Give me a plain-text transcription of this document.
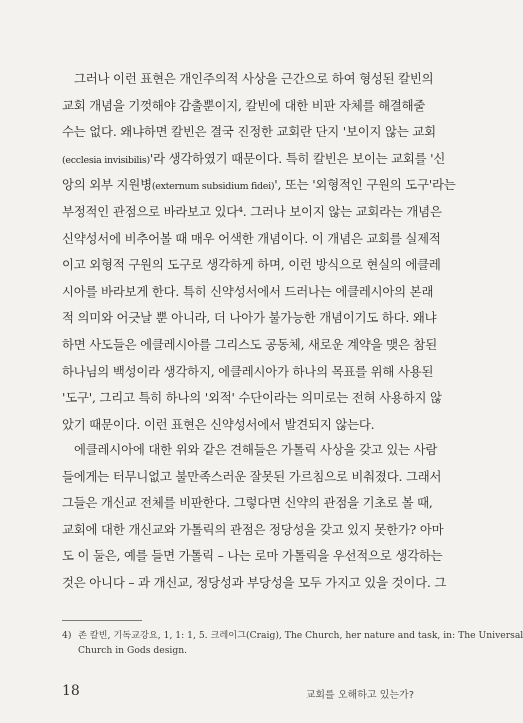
그러나 이런 표현은 개인주의적 사상을 근간으로 하여 형성된 칼빈의
교회 개념을 기껏해야 감출뿐이지, 칼빈에 대한 비판 자체를 해결해줄
수는 없다. 왜냐하면 칼빈은 결국 진정한 교회란 단지 '보이지 않는 교회
(ecclesia invisibilis)'라 생각하였기 때문이다. 특히 칼빈은 보이는 교회를 '신
앙의 외부 지원병(externum subsidium fidei)', 또는 '외형적인 구원의 도구'라는
부정적인 관점으로 바라보고 있다⁴. 그러나 보이지 않는 교회라는 개념은
신약성서에 비추어볼 때 매우 어색한 개념이다. 이 개념은 교회를 실제적
이고 외형적 구원의 도구로 생각하게 하며, 이런 방식으로 현실의 에클레
시아를 바라보게 한다. 특히 신약성서에서 드러나는 에클레시아의 본래
적 의미와 어긋날 뿐 아니라, 더 나아가 불가능한 개념이기도 하다. 왜냐
하면 사도들은 에클레시아를 그리스도 공동체, 새로운 계약을 맺은 참된
하나님의 백성이라 생각하지, 에클레시아가 하나의 목표를 위해 사용된
'도구', 그리고 특히 하나의 '외적' 수단이라는 의미로는 전혀 사용하지 않
았기 때문이다. 이런 표현은 신약성서에서 발견되지 않는다.
에클레시아에 대한 위와 같은 견해들은 가톨릭 사상을 갖고 있는 사람
들에게는 터무니없고 불만족스러운 잘못된 가르침으로 비춰졌다. 그래서
그들은 개신교 전체를 비판한다. 그렇다면 신약의 관점을 기초로 볼 때,
교회에 대한 개신교와 가톨릭의 관점은 정당성을 갖고 있지 못한가? 아마
도 이 둘은, 예를 들면 가톨릭 – 나는 로마 가톨릭을 우선적으로 생각하는
것은 아니다 – 과 개신교, 정당성과 부당성을 모두 가지고 있을 것이다. 그
4) 존 칼빈, 기독교강요, 1, 1: 1, 5. 크레이그(Craig), The Church, her nature and task, in: The Universal
Church in Gods design.
18	교회를 오해하고 있는가?
